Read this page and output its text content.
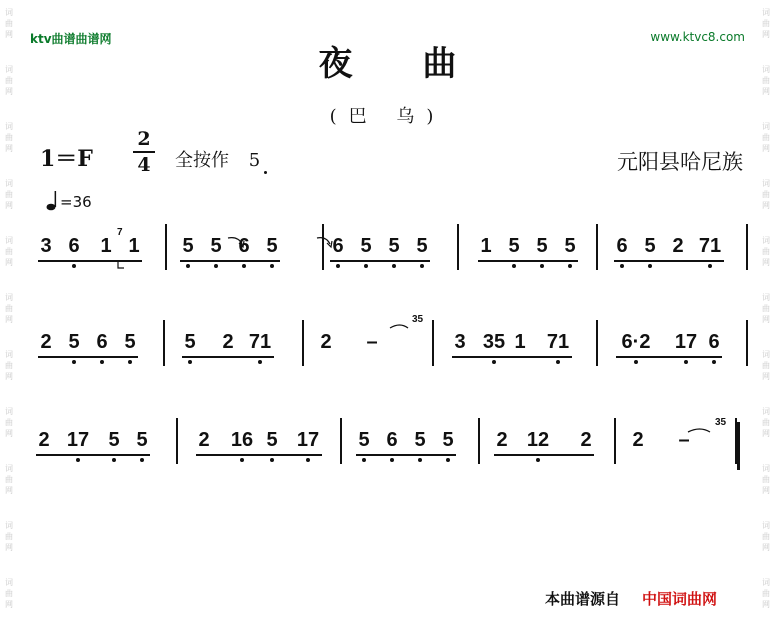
词
曲
网
词
曲
网
词
曲
网
词
曲
网
词
曲
网
词
曲
网
词
曲
网
词
曲
网
词
曲
网
词
曲
网
词
曲
网
词
曲
网
词
曲
网
词
曲
网
词
曲
网
词
曲
网
词
曲
网
词
曲
网
词
曲
网
词
曲
网
词
曲
网
词
曲
网
ktv曲谱曲谱网	www.ktvc8.com
夜曲
(巴 乌)
1＝F
2
4 全按作 5	元阳县哈尼族
=36
3 6 1 1 5 5 6 5	6 5 5 5	1 5 5 5 6 5 2 71
2 5 6 5 5 2 71 2 –	3 35 1 71	6·2 17 6
2 17 5 5	2 16 5 17 5 6 5 5 2 12 2 2 –
7
35
35
本曲谱源自 中国词曲网
